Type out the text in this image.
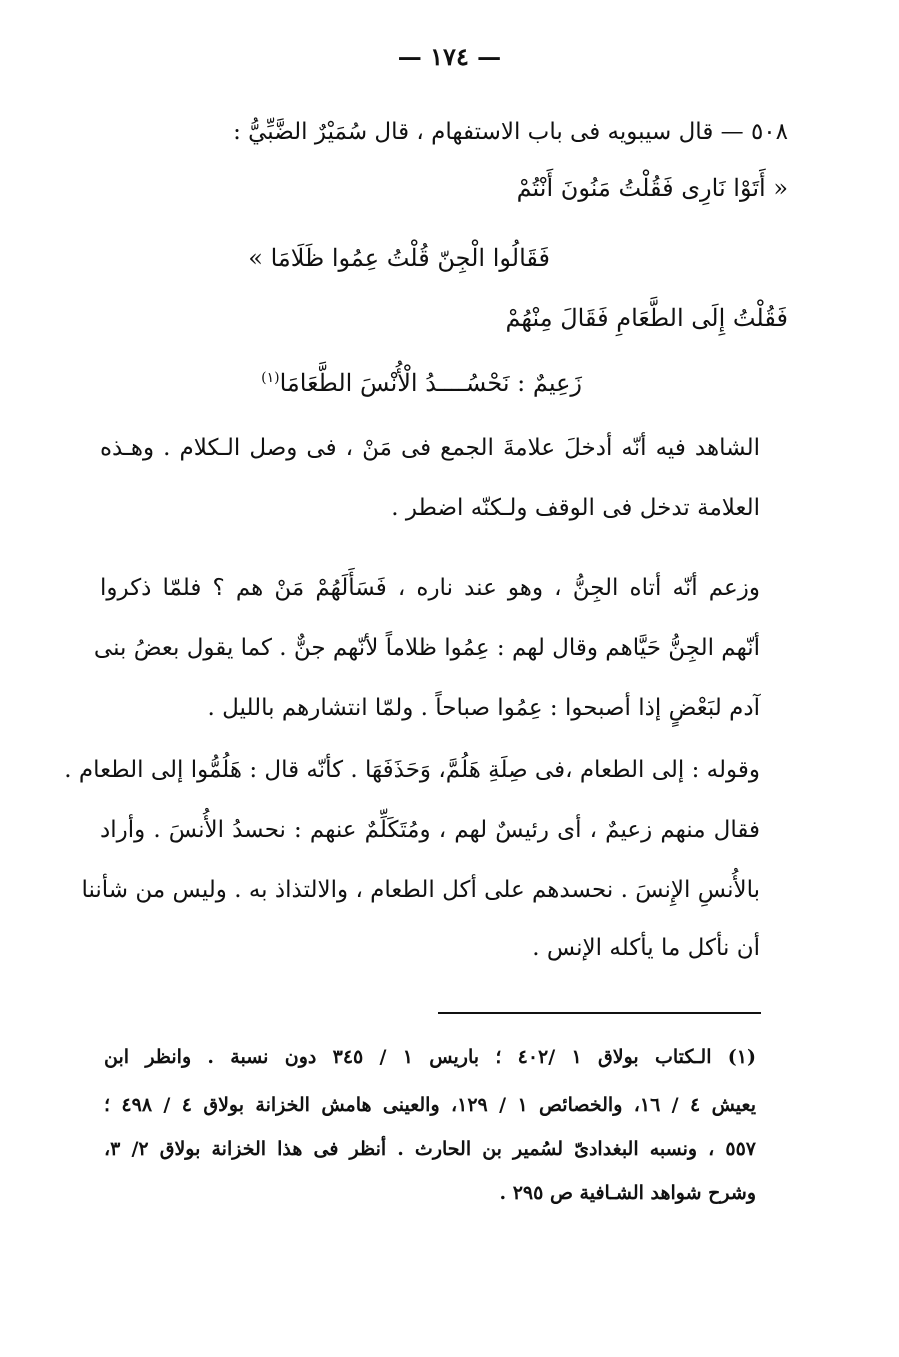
— ١٧٤ —
٥٠٨ — قال سيبويه فى باب الاستفهام ، قال سُمَيْرٌ الضَّبِّيُّ :
« أَتَوْا نَارِى فَقُلْتُ مَنُونَ أَنْتُمْ
فَقَالُوا الْجِنّ قُلْتُ عِمُوا ظَلَامَا »
فَقُلْتُ إِلَى الطَّعَامِ فَقَالَ مِنْهُمْ
زَعِيمٌ : نَحْسُــــدُ الْأُنْسَ الطَّعَامَا$^{(١)}$
الشاهد فيه أنّه أدخلَ علامةَ الجمع فى مَنْ ، فى وصل الـكلام . وهـذه
العلامة تدخل فى الوقف ولـكنّه اضطر .
وزعم أنّه أتاه الجِنُّ ، وهو عند ناره ، فَسَأَلَهُمْ مَنْ هم ؟ فلمّا ذكروا
أنّهم الجِنُّ حَيَّاهم وقال لهم : عِمُوا ظلاماً لأنّهم جنٌّ . كما يقول بعضُ بنى
آدم لبَعْضٍ إذا أصبحوا : عِمُوا صباحاً . ولمّا انتشارهم بالليل .
وقوله : إلى الطعام ،فى صِلَةِ هَلُمَّ، وَحَذَفَهَا . كأنّه قال : هَلُمُّوا إلى الطعام .
فقال منهم زعيمٌ ، أى رئيسٌ لهم ، ومُتَكَلِّمٌ عنهم : نحسدُ الأُنسَ . وأراد
بالأُنسِ الإِنسَ . نحسدهم على أكل الطعام ، والالتذاذ به . وليس من شأننا
أن نأكل ما يأكله الإنس .
(١) الـكتاب بولاق ١ /٤٠٢ ؛ باريس ١ / ٣٤٥ دون نسبة . وانظر ابن
يعيش ٤ / ١٦، والخصائص ١ / ١٢٩، والعينى هامش الخزانة بولاق ٤ / ٤٩٨ ؛
٥٥٧ ، ونسبه البغدادىّ لسُمير بن الحارث . أنظر فى هذا الخزانة بولاق ٢/ ٣،
وشرح شواهد الشـافية ص ٢٩٥ .
